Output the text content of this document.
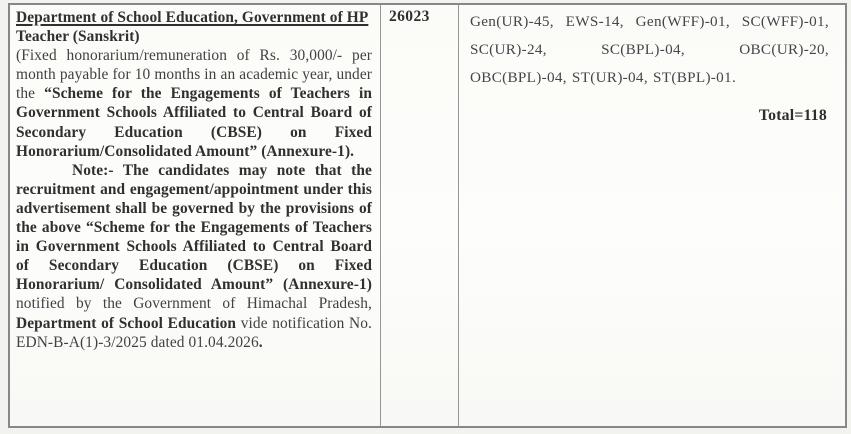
Department of School Education, Government of HP

Teacher (Sanskrit)

(Fixed honorarium/remuneration of Rs. 30,000/- per month payable for 10 months in an academic year, under the “Scheme for the Engagements of Teachers in Government Schools Affiliated to Central Board of Secondary Education (CBSE) on Fixed Honorarium/Consolidated Amount” (Annexure-1).

Note:- The candidates may note that the recruitment and engagement/appointment under this advertisement shall be governed by the provisions of the above “Scheme for the Engagements of Teachers in Government Schools Affiliated to Central Board of Secondary Education (CBSE) on Fixed Honorarium/ Consolidated Amount” (Annexure-1) notified by the Government of Himachal Pradesh, Department of School Education vide notification No. EDN-B-A(1)-3/2025 dated 01.04.2026.

26023	Gen(UR)-45, EWS-14, Gen(WFF)-01, SC(WFF)-01, SC(UR)-24, SC(BPL)-04, OBC(UR)-20, OBC(BPL)-04, ST(UR)-04, ST(BPL)-01.

Total=118
